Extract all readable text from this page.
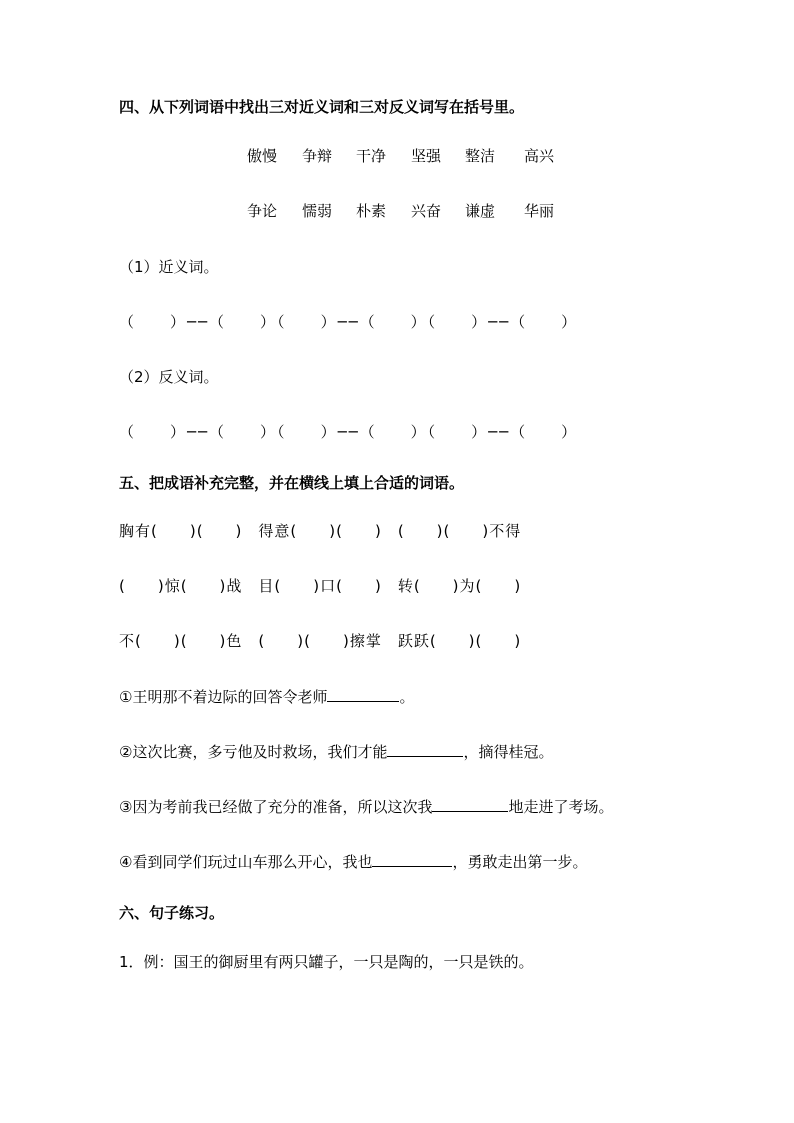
四、从下列词语中找出三对近义词和三对反义词写在括号里。
傲慢 争辩 干净 坚强 整洁 高兴
争论 懦弱 朴素 兴奋 谦虚 华丽
（1）近义词。
（　　）──（　　）（　　）──（　　）（　　）──（　　）
（2）反义词。
（　　）──（　　）（　　）──（　　）（　　）──（　　）
五、把成语补充完整，并在横线上填上合适的词语。
胸有(　　)(　　)　得意(　　)(　　)　(　　)(　　)不得
(　　)惊(　　)战　目(　　)口(　　)　转(　　)为(　　)
不(　　)(　　)色　(　　)(　　)擦掌　跃跃(　　)(　　)
①王明那不着边际的回答令老师	。
②这次比赛，多亏他及时救场，我们才能	，摘得桂冠。
③因为考前我已经做了充分的准备，所以这次我	地走进了考场。
④看到同学们玩过山车那么开心，我也	，勇敢走出第一步。
六、句子练习。
1．例：国王的御厨里有两只罐子，一只是陶的，一只是铁的。
